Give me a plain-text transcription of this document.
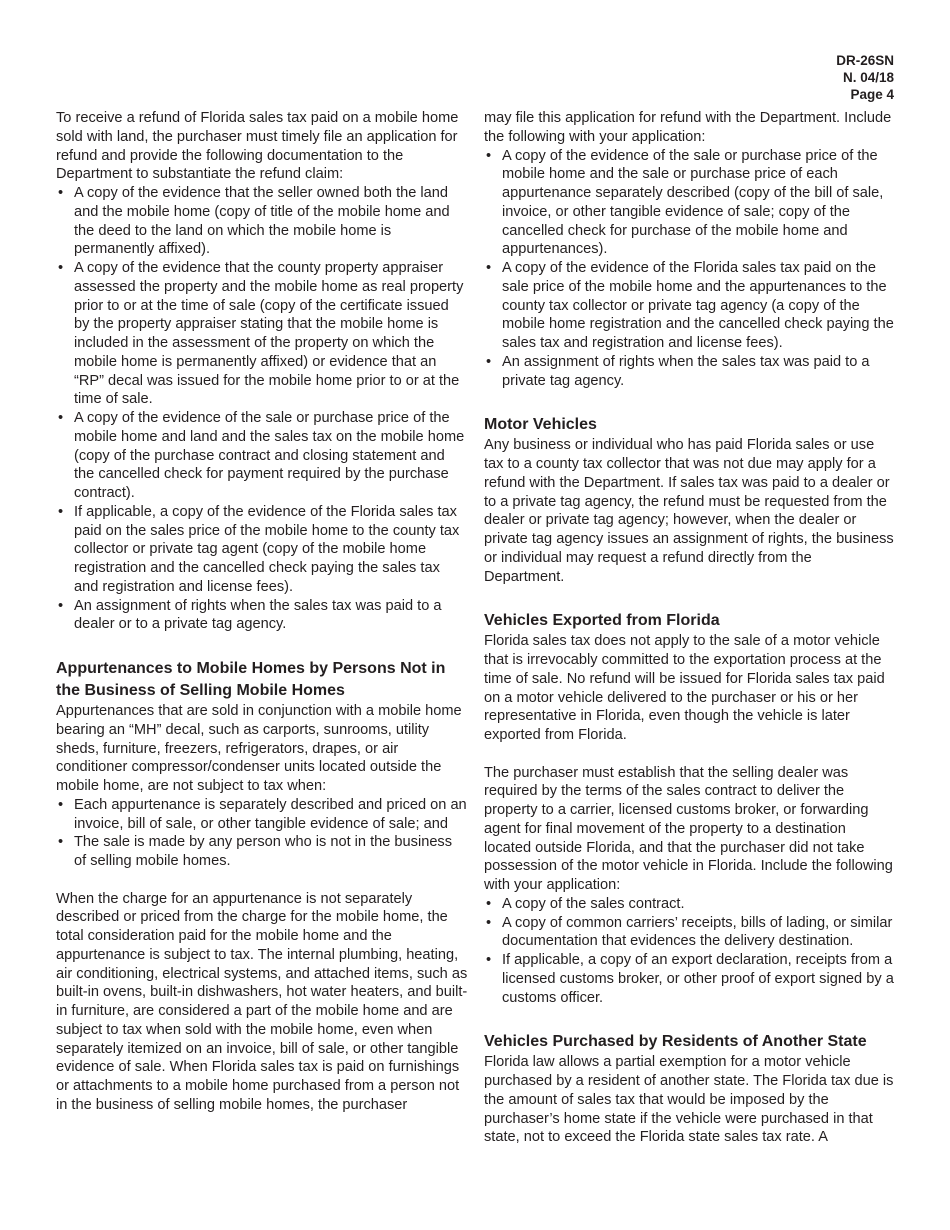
DR-26SN
N. 04/18
Page 4

To receive a refund of Florida sales tax paid on a mobile home sold with land, the purchaser must timely file an application for refund and provide the following documentation to the Department to substantiate the refund claim:

• A copy of the evidence that the seller owned both the land and the mobile home (copy of title of the mobile home and the deed to the land on which the mobile home is permanently affixed).
• A copy of the evidence that the county property appraiser assessed the property and the mobile home as real property prior to or at the time of sale (copy of the certificate issued by the property appraiser stating that the mobile home is included in the assessment of the property on which the mobile home is permanently affixed) or evidence that an “RP” decal was issued for the mobile home prior to or at the time of sale.
• A copy of the evidence of the sale or purchase price of the mobile home and land and the sales tax on the mobile home (copy of the purchase contract and closing statement and the cancelled check for payment required by the purchase contract).
• If applicable, a copy of the evidence of the Florida sales tax paid on the sales price of the mobile home to the county tax collector or private tag agent (copy of the mobile home registration and the cancelled check paying the sales tax and registration and license fees).
• An assignment of rights when the sales tax was paid to a dealer or to a private tag agency.
Appurtenances to Mobile Homes by Persons Not in the Business of Selling Mobile Homes

Appurtenances that are sold in conjunction with a mobile home bearing an “MH” decal, such as carports, sunrooms, utility sheds, furniture, freezers, refrigerators, drapes, or air conditioner compressor/condenser units located outside the mobile home, are not subject to tax when:

• Each appurtenance is separately described and priced on an invoice, bill of sale, or other tangible evidence of sale; and
• The sale is made by any person who is not in the business of selling mobile homes.

When the charge for an appurtenance is not separately described or priced from the charge for the mobile home, the total consideration paid for the mobile home and the appurtenance is subject to tax. The internal plumbing, heating, air conditioning, electrical systems, and attached items, such as built-in ovens, built-in dishwashers, hot water heaters, and built-in furniture, are considered a part of the mobile home and are subject to tax when sold with the mobile home, even when separately itemized on an invoice, bill of sale, or other tangible evidence of sale. When Florida sales tax is paid on furnishings or attachments to a mobile home purchased from a person not in the business of selling mobile homes, the purchaser

may file this application for refund with the Department. Include the following with your application:

• A copy of the evidence of the sale or purchase price of the mobile home and the sale or purchase price of each appurtenance separately described (copy of the bill of sale, invoice, or other tangible evidence of sale; copy of the cancelled check for purchase of the mobile home and appurtenances).
• A copy of the evidence of the Florida sales tax paid on the sale price of the mobile home and the appurtenances to the county tax collector or private tag agency (a copy of the mobile home registration and the cancelled check paying the sales tax and registration and license fees).
• An assignment of rights when the sales tax was paid to a private tag agency.
Motor Vehicles

Any business or individual who has paid Florida sales or use tax to a county tax collector that was not due may apply for a refund with the Department. If sales tax was paid to a dealer or to a private tag agency, the refund must be requested from the dealer or private tag agency; however, when the dealer or private tag agency issues an assignment of rights, the business or individual may request a refund directly from the Department.

Vehicles Exported from Florida

Florida sales tax does not apply to the sale of a motor vehicle that is irrevocably committed to the exportation process at the time of sale. No refund will be issued for Florida sales tax paid on a motor vehicle delivered to the purchaser or his or her representative in Florida, even though the vehicle is later exported from Florida.

The purchaser must establish that the selling dealer was required by the terms of the sales contract to deliver the property to a carrier, licensed customs broker, or forwarding agent for final movement of the property to a destination located outside Florida, and that the purchaser did not take possession of the motor vehicle in Florida. Include the following with your application:

• A copy of the sales contract.
• A copy of common carriers’ receipts, bills of lading, or similar documentation that evidences the delivery destination.
• If applicable, a copy of an export declaration, receipts from a licensed customs broker, or other proof of export signed by a customs officer.
Vehicles Purchased by Residents of Another State

Florida law allows a partial exemption for a motor vehicle purchased by a resident of another state. The Florida tax due is the amount of sales tax that would be imposed by the purchaser’s home state if the vehicle were purchased in that state, not to exceed the Florida state sales tax rate. A
